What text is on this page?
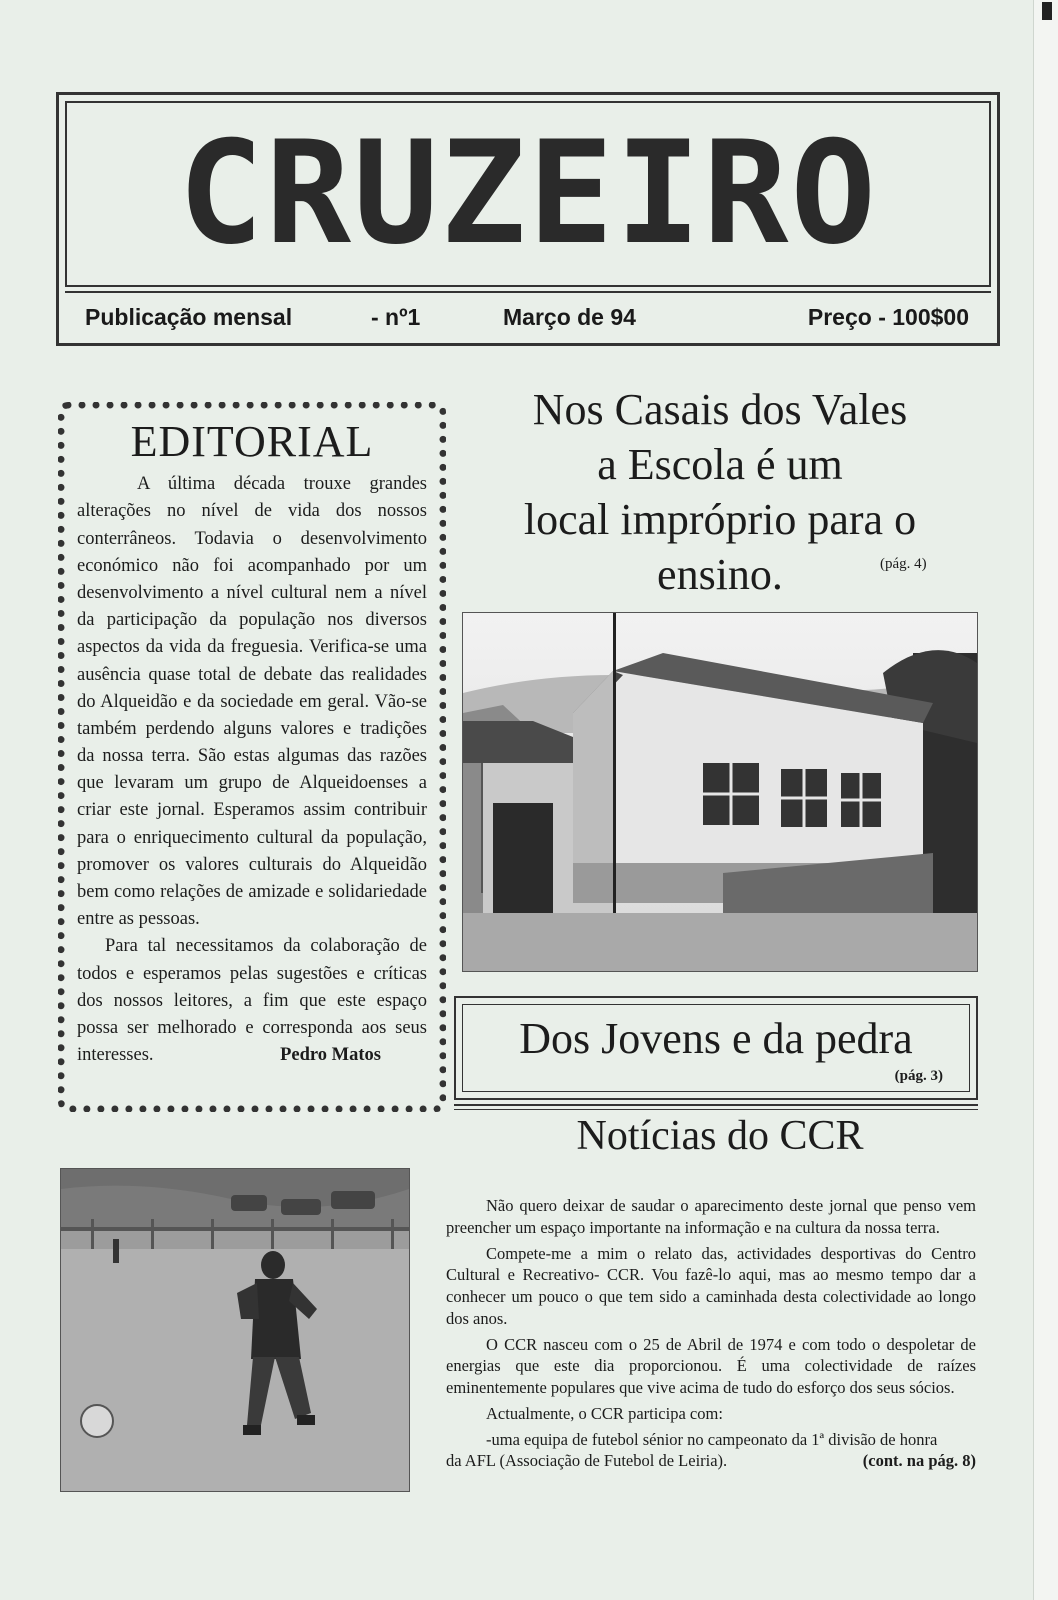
CRUZEIRO
Publicação mensal	- nº1	Março de 94	Preço - 100$00
EDITORIAL

A última década trouxe grandes alterações no nível de vida dos nossos conterrâneos. Todavia o desenvolvimento económico não foi acompanhado por um desenvolvimento a nível cultural nem a nível da participação da população nos diversos aspectos da vida da freguesia. Verifica-se uma ausência quase total de debate das realidades do Alqueidão e da sociedade em geral. Vão-se também perdendo alguns valores e tradições da nossa terra. São estas algumas das razões que levaram um grupo de Alqueidoenses a criar este jornal. Esperamos assim contribuir para o enriquecimento cultural da população, promover os valores culturais do Alqueidão bem como relações de amizade e solidariedade entre as pessoas.

Para tal necessitamos da colaboração de todos e esperamos pelas sugestões e críticas dos nossos leitores, a fim que este espaço possa ser melhorado e corresponda aos seus interesses.	Pedro Matos

Nos Casais dos Vales
a Escola é um
local impróprio para o
ensino.	(pág. 4)
Dos Jovens e da pedra
(pág. 3)
Notícias do CCR

Não quero deixar de saudar o aparecimento deste jornal que penso vem preencher um espaço importante na informação e na cultura da nossa terra.

Compete-me a mim o relato das, actividades desportivas do Centro Cultural e Recreativo- CCR. Vou fazê-lo aqui, mas ao mesmo tempo dar a conhecer um pouco o que tem sido a caminhada desta colectividade ao longo dos anos.

O CCR nasceu com o 25 de Abril de 1974 e com todo o despoletar de energias que este dia proporcionou. É uma colectividade de raízes eminentemente populares que vive acima de tudo do esforço dos seus sócios.

Actualmente, o CCR participa com:

-uma equipa de futebol sénior no campeonato da 1ª divisão de honra

da AFL (Associação de Futebol de Leiria).	(cont. na pág. 8)
